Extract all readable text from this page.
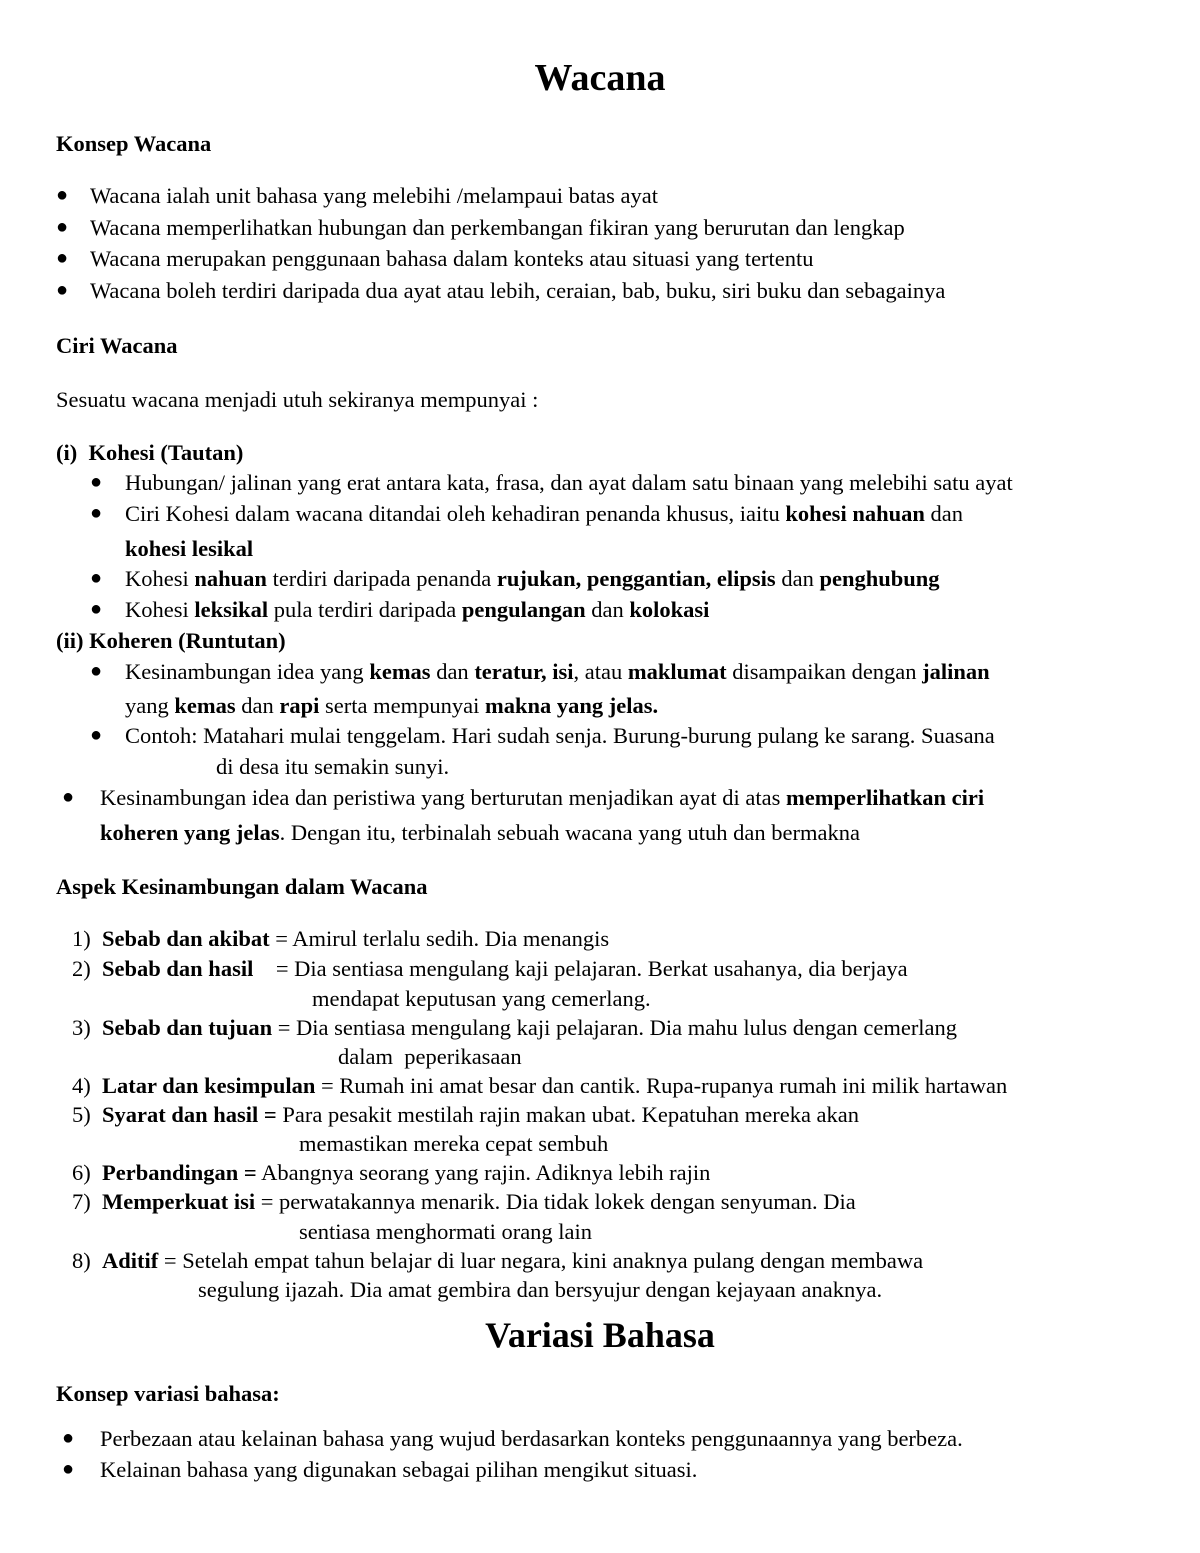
Wacana
Konsep Wacana
● Wacana ialah unit bahasa yang melebihi /melampaui batas ayat
● Wacana memperlihatkan hubungan dan perkembangan fikiran yang berurutan dan lengkap
● Wacana merupakan penggunaan bahasa dalam konteks atau situasi yang tertentu
● Wacana boleh terdiri daripada dua ayat atau lebih, ceraian, bab, buku, siri buku dan sebagainya
Ciri Wacana
Sesuatu wacana menjadi utuh sekiranya mempunyai :
(i) Kohesi (Tautan)
● Hubungan/ jalinan yang erat antara kata, frasa, dan ayat dalam satu binaan yang melebihi satu ayat
● Ciri Kohesi dalam wacana ditandai oleh kehadiran penanda khusus, iaitu kohesi nahuan dan
kohesi lesikal
● Kohesi nahuan terdiri daripada penanda rujukan, penggantian, elipsis dan penghubung
● Kohesi leksikal pula terdiri daripada pengulangan dan kolokasi
(ii) Koheren (Runtutan)
● Kesinambungan idea yang kemas dan teratur, isi, atau maklumat disampaikan dengan jalinan
yang kemas dan rapi serta mempunyai makna yang jelas.
● Contoh: Matahari mulai tenggelam. Hari sudah senja. Burung-burung pulang ke sarang. Suasana
di desa itu semakin sunyi.
● Kesinambungan idea dan peristiwa yang berturutan menjadikan ayat di atas memperlihatkan ciri
koheren yang jelas. Dengan itu, terbinalah sebuah wacana yang utuh dan bermakna
Aspek Kesinambungan dalam Wacana
1) Sebab dan akibat = Amirul terlalu sedih. Dia menangis
2) Sebab dan hasil    = Dia sentiasa mengulang kaji pelajaran. Berkat usahanya, dia berjaya
mendapat keputusan yang cemerlang.
3) Sebab dan tujuan = Dia sentiasa mengulang kaji pelajaran. Dia mahu lulus dengan cemerlang
dalam  peperikasaan
4) Latar dan kesimpulan = Rumah ini amat besar dan cantik. Rupa-rupanya rumah ini milik hartawan
5) Syarat dan hasil = Para pesakit mestilah rajin makan ubat. Kepatuhan mereka akan
memastikan mereka cepat sembuh
6) Perbandingan = Abangnya seorang yang rajin. Adiknya lebih rajin
7) Memperkuat isi = perwatakannya menarik. Dia tidak lokek dengan senyuman. Dia
sentiasa menghormati orang lain
8) Aditif = Setelah empat tahun belajar di luar negara, kini anaknya pulang dengan membawa
segulung ijazah. Dia amat gembira dan bersyujur dengan kejayaan anaknya.
Variasi Bahasa
Konsep variasi bahasa:
● Perbezaan atau kelainan bahasa yang wujud berdasarkan konteks penggunaannya yang berbeza.
● Kelainan bahasa yang digunakan sebagai pilihan mengikut situasi.
